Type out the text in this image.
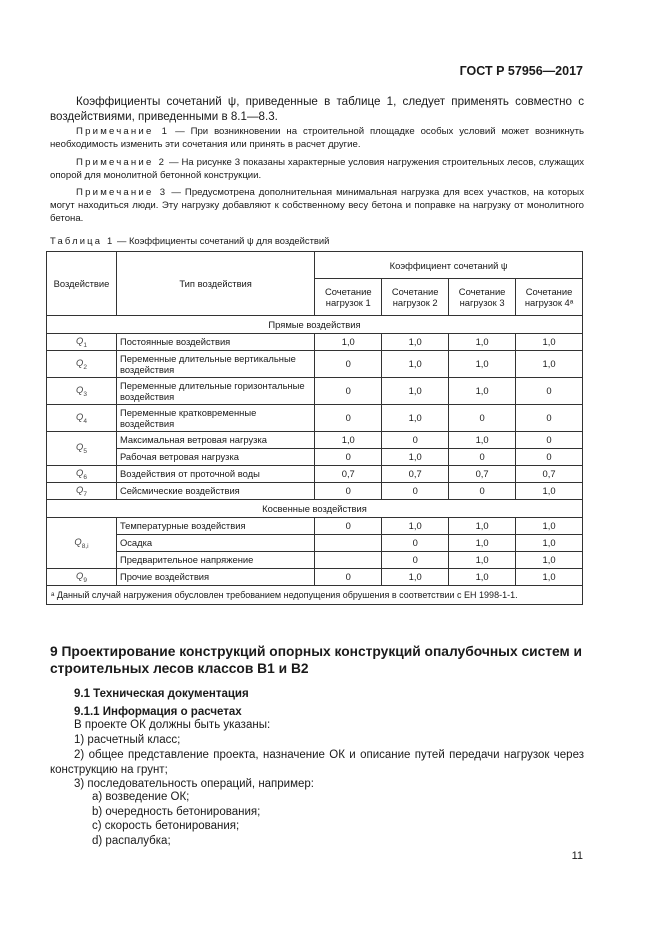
ГОСТ Р 57956—2017
Коэффициенты сочетаний ψ, приведенные в таблице 1, следует применять совместно с воздействиями, приведенными в 8.1—8.3.
Примечание 1 — При возникновении на строительной площадке особых условий может возникнуть необходимость изменить эти сочетания или принять в расчет другие.
Примечание 2 — На рисунке 3 показаны характерные условия нагружения строительных лесов, служащих опорой для монолитной бетонной конструкции.
Примечание 3 — Предусмотрена дополнительная минимальная нагрузка для всех участков, на которых могут находиться люди. Эту нагрузку добавляют к собственному весу бетона и поправке на нагрузку от монолитного бетона.
Таблица 1 — Коэффициенты сочетаний ψ для воздействий
Воздействие	Тип воздействия	Коэффициент сочетаний ψ			
		Сочетание нагрузок 1	Сочетание нагрузок 2	Сочетание нагрузок 3	Сочетание нагрузок 4ᵃ
Прямые воздействия					
$Q_1$	Постоянные воздействия	1,0	1,0	1,0	1,0
$Q_2$	Переменные длительные вертикальные воздействия	0	1,0	1,0	1,0
$Q_3$	Переменные длительные горизонтальные воздействия	0	1,0	1,0	0
$Q_4$	Переменные кратковременные воздействия	0	1,0	0	0
$Q_5$	Максимальная ветровая нагрузка	1,0	0	1,0	0
	Рабочая ветровая нагрузка	0	1,0	0	0
$Q_6$	Воздействия от проточной воды	0,7	0,7	0,7	0,7
$Q_7$	Сейсмические воздействия	0	0	0	1,0
Косвенные воздействия					
$Q_{8,i}$	Температурные воздействия	0	1,0	1,0	1,0
	Осадка		0	1,0	1,0
	Предварительное напряжение		0	1,0	1,0
$Q_9$	Прочие воздействия	0	1,0	1,0	1,0
ᵃ Данный случай нагружения обусловлен требованием недопущения обрушения в соответствии с ЕН 1998-1-1.					
9 Проектирование конструкций опорных конструкций опалубочных систем и строительных лесов классов В1 и В2
9.1 Техническая документация
9.1.1 Информация о расчетах
В проекте ОК должны быть указаны:
1) расчетный класс;
2) общее представление проекта, назначение ОК и описание путей передачи нагрузок через конструкцию на грунт;
3) последовательность операций, например:
a) возведение ОК;
b) очередность бетонирования;
c) скорость бетонирования;
d) распалубка;
11
